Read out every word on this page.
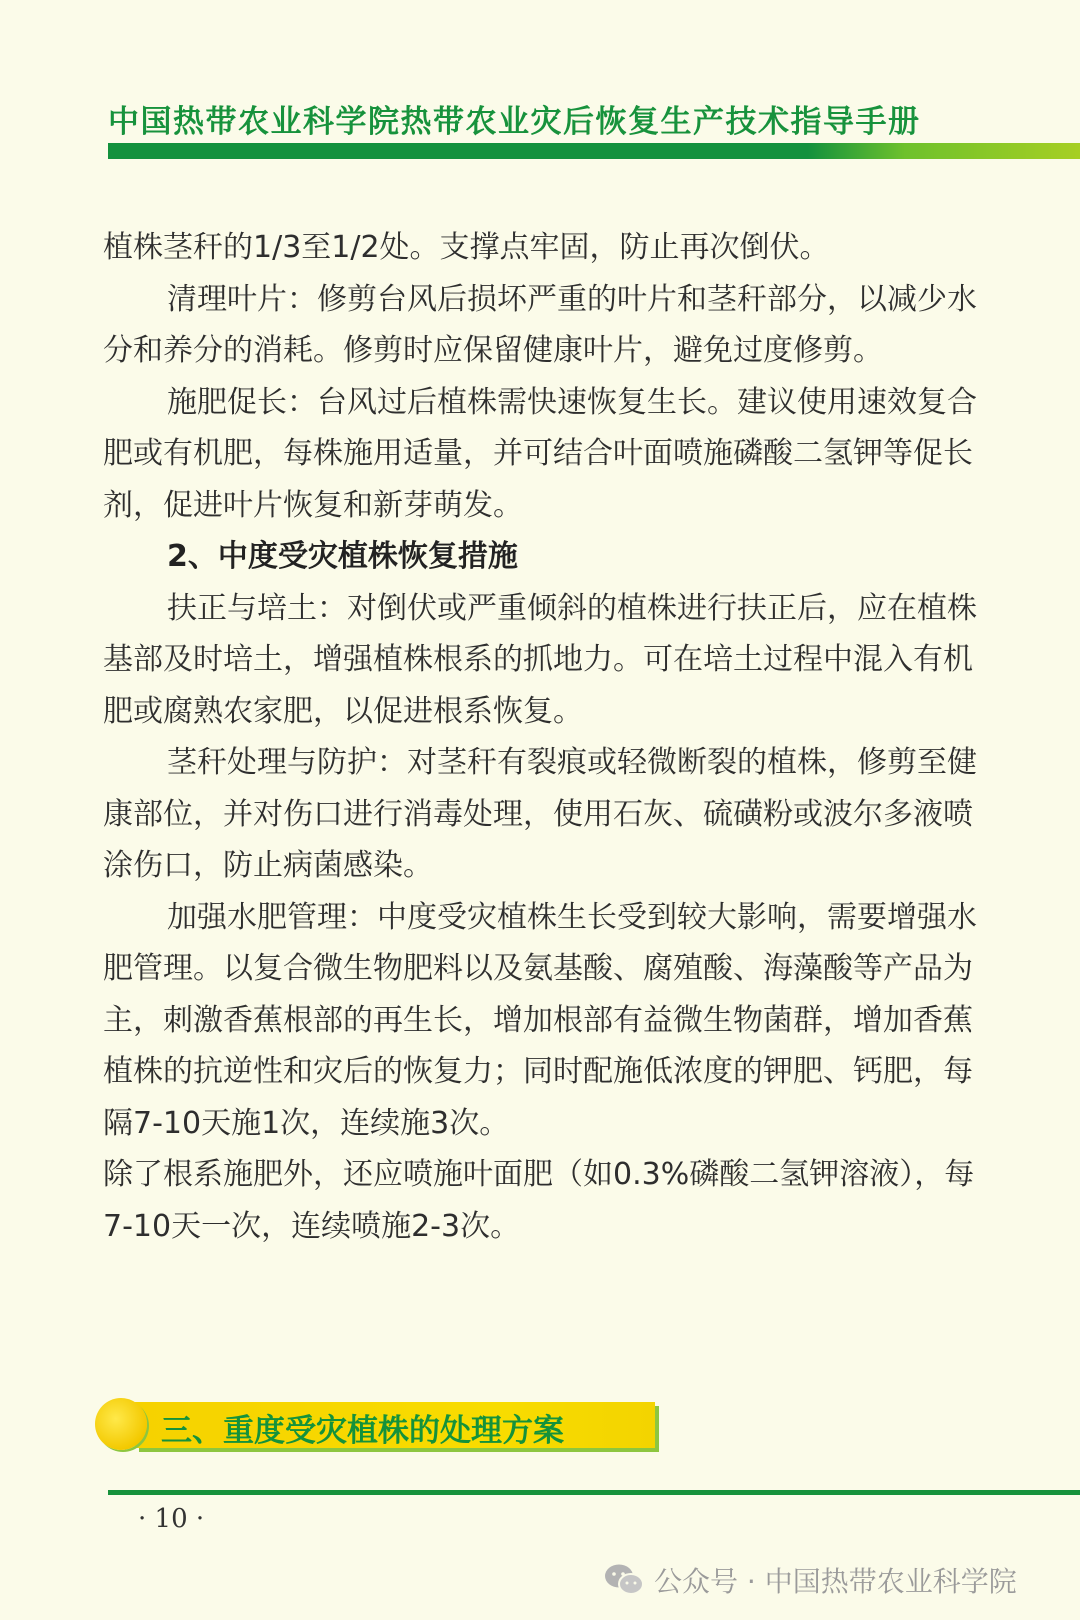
中国热带农业科学院热带农业灾后恢复生产技术指导手册

植株茎秆的1/3至1/2处。支撑点牢固，防止再次倒伏。

清理叶片：修剪台风后损坏严重的叶片和茎秆部分，以减少水分和养分的消耗。修剪时应保留健康叶片，避免过度修剪。

施肥促长：台风过后植株需快速恢复生长。建议使用速效复合肥或有机肥，每株施用适量，并可结合叶面喷施磷酸二氢钾等促长剂，促进叶片恢复和新芽萌发。

2、中度受灾植株恢复措施

扶正与培土：对倒伏或严重倾斜的植株进行扶正后，应在植株基部及时培土，增强植株根系的抓地力。可在培土过程中混入有机肥或腐熟农家肥，以促进根系恢复。

茎秆处理与防护：对茎秆有裂痕或轻微断裂的植株，修剪至健康部位，并对伤口进行消毒处理，使用石灰、硫磺粉或波尔多液喷涂伤口，防止病菌感染。

加强水肥管理：中度受灾植株生长受到较大影响，需要增强水肥管理。以复合微生物肥料以及氨基酸、腐殖酸、海藻酸等产品为主，刺激香蕉根部的再生长，增加根部有益微生物菌群，增加香蕉植株的抗逆性和灾后的恢复力；同时配施低浓度的钾肥、钙肥，每隔7-10天施1次，连续施3次。

除了根系施肥外，还应喷施叶面肥（如0.3%磷酸二氢钾溶液），每7-10天一次，连续喷施2-3次。

三、重度受灾植株的处理方案
· 10 ·
公众号 · 中国热带农业科学院
